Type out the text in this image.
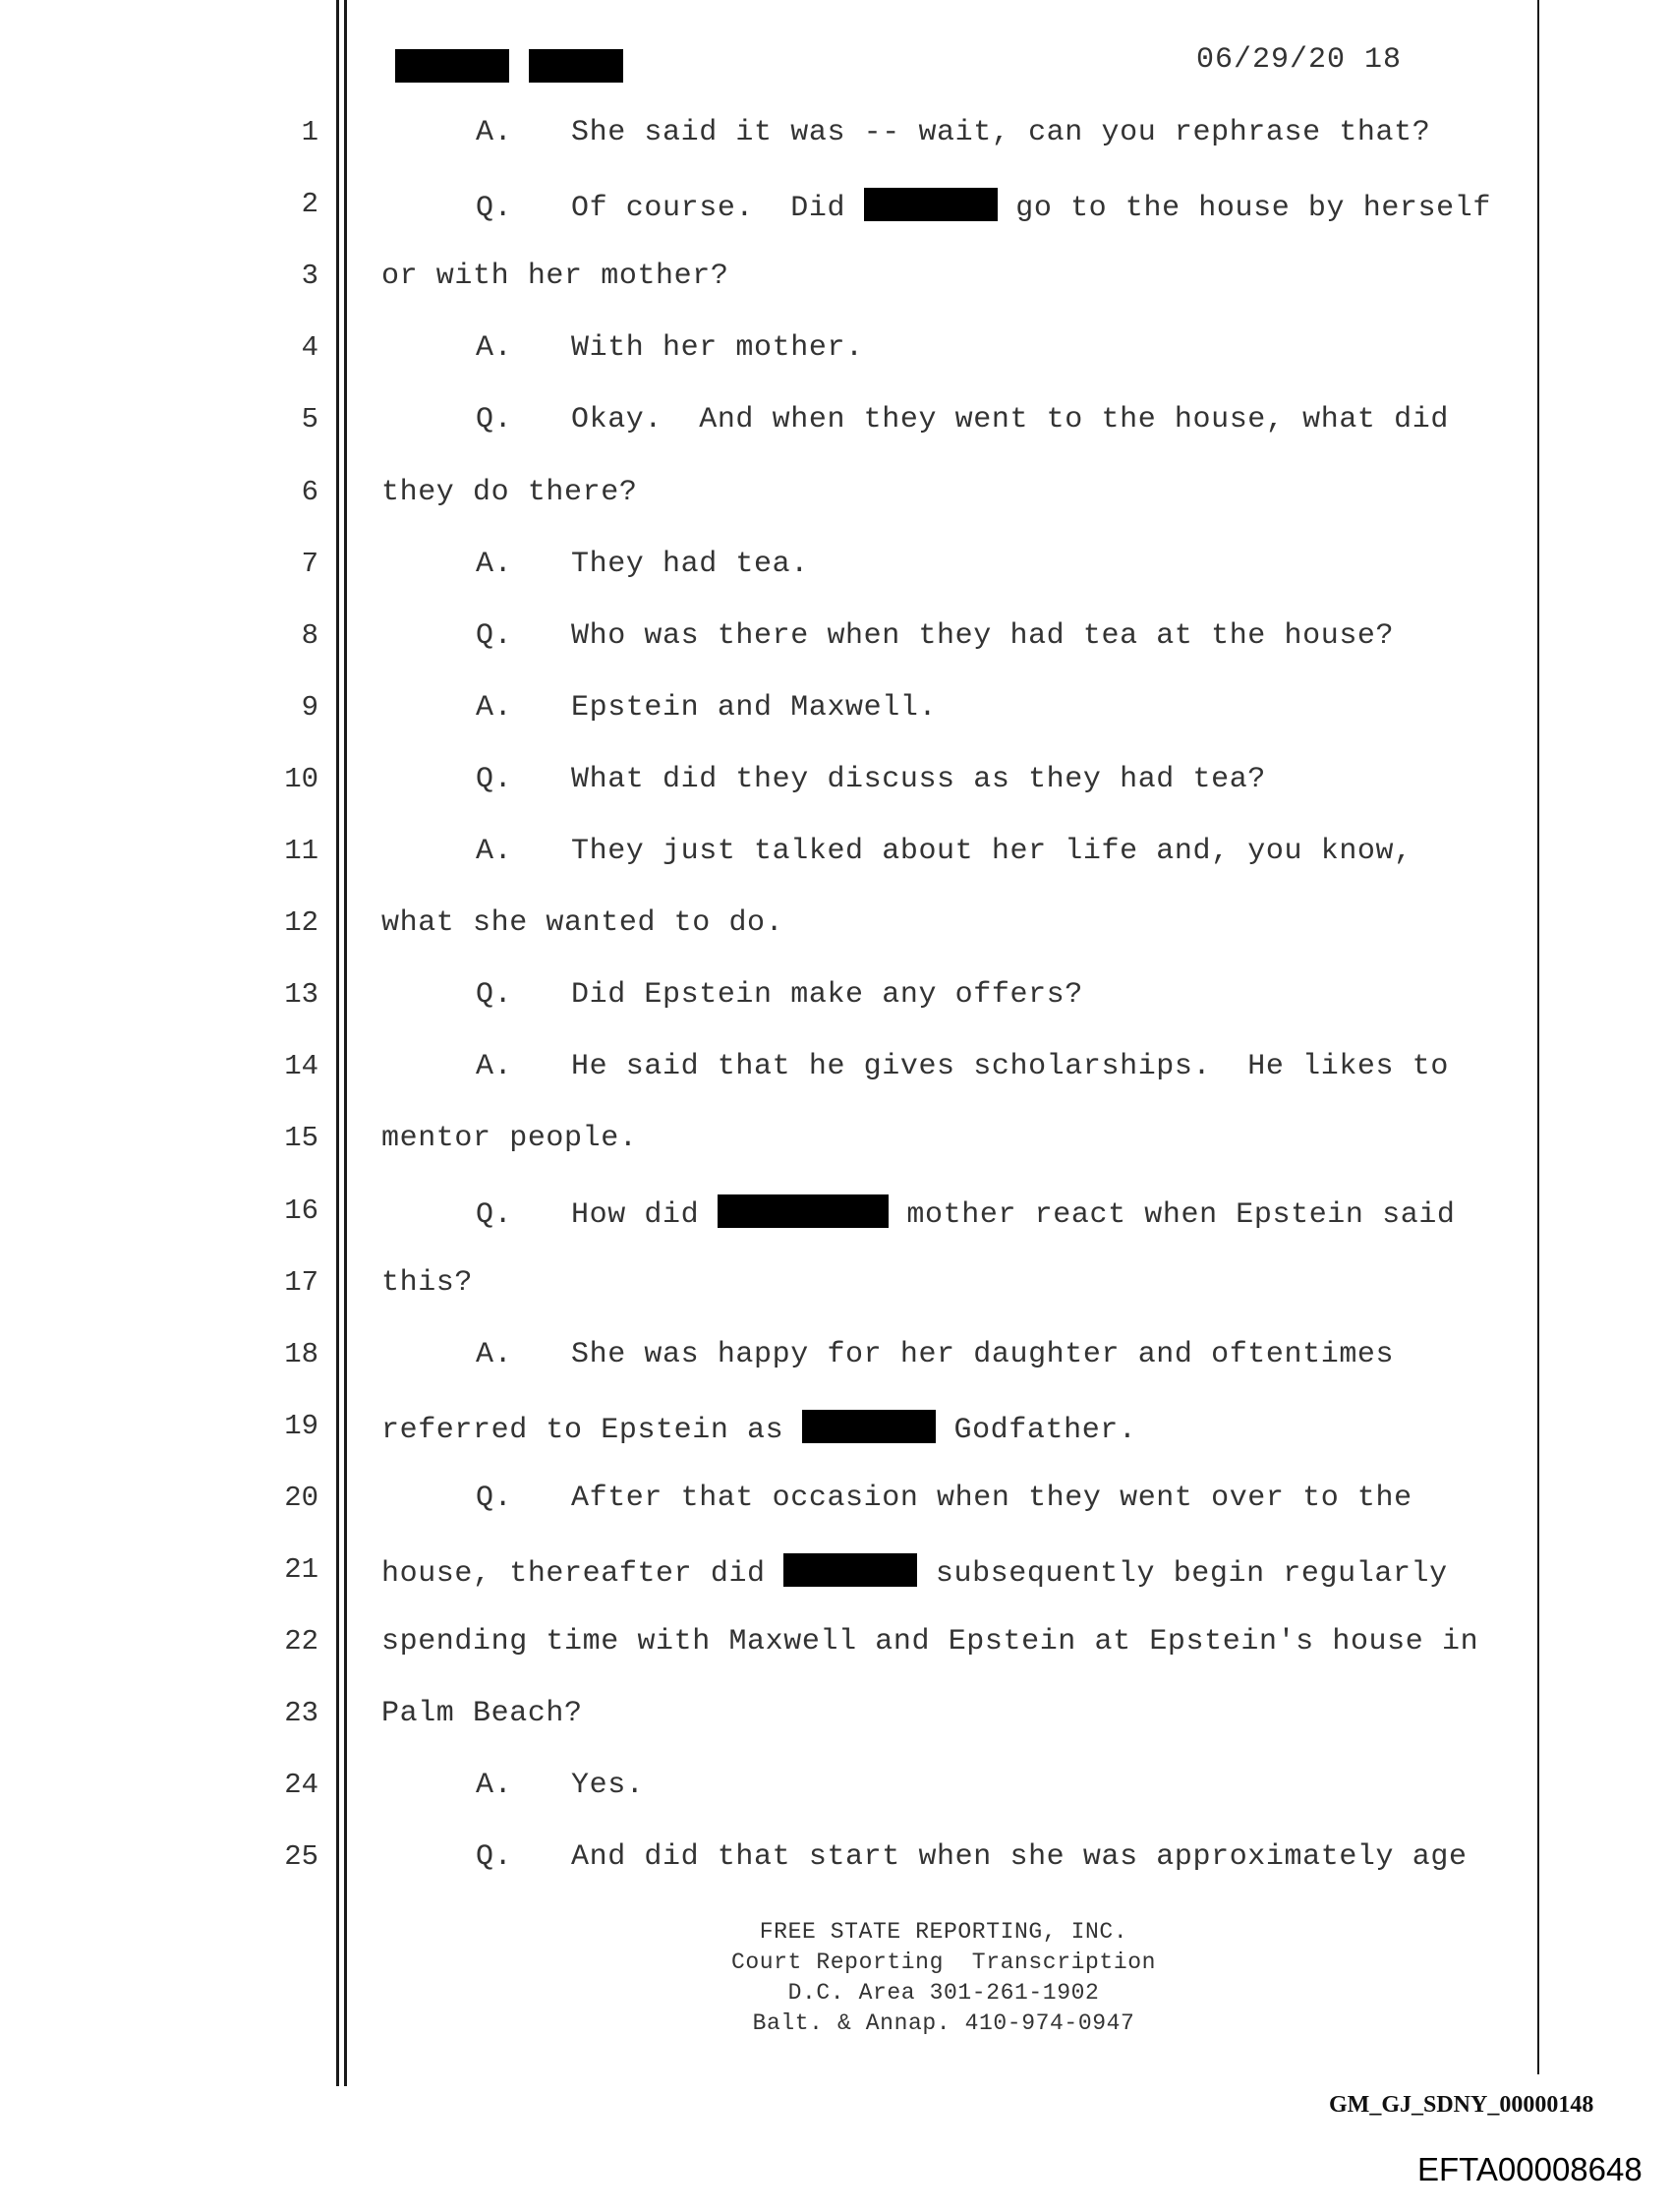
06/29/20 18
1	A. She said it was -- wait, can you rephrase that?
2	Q. Of course.  Did	go to the house by herself
3 or with her mother?
4	A. With her mother.
5	Q. Okay.  And when they went to the house, what did
6 they do there?
7	A. They had tea.
8	Q. Who was there when they had tea at the house?
9	A. Epstein and Maxwell.
10	Q. What did they discuss as they had tea?
11	A. They just talked about her life and, you know,
12 what she wanted to do.
13	Q. Did Epstein make any offers?
14	A. He said that he gives scholarships.  He likes to
15 mentor people.
16	Q. How did	mother react when Epstein said
17 this?
18	A. She was happy for her daughter and oftentimes
19 referred to Epstein as	Godfather.
20	Q. After that occasion when they went over to the
21 house, thereafter did	subsequently begin regularly
22 spending time with Maxwell and Epstein at Epstein's house in
23 Palm Beach?
24	A. Yes.
25	Q. And did that start when she was approximately age
FREE STATE REPORTING, INC.
Court Reporting  Transcription
D.C. Area 301-261-1902
Balt. & Annap. 410-974-0947
GM_GJ_SDNY_00000148
EFTA00008648
